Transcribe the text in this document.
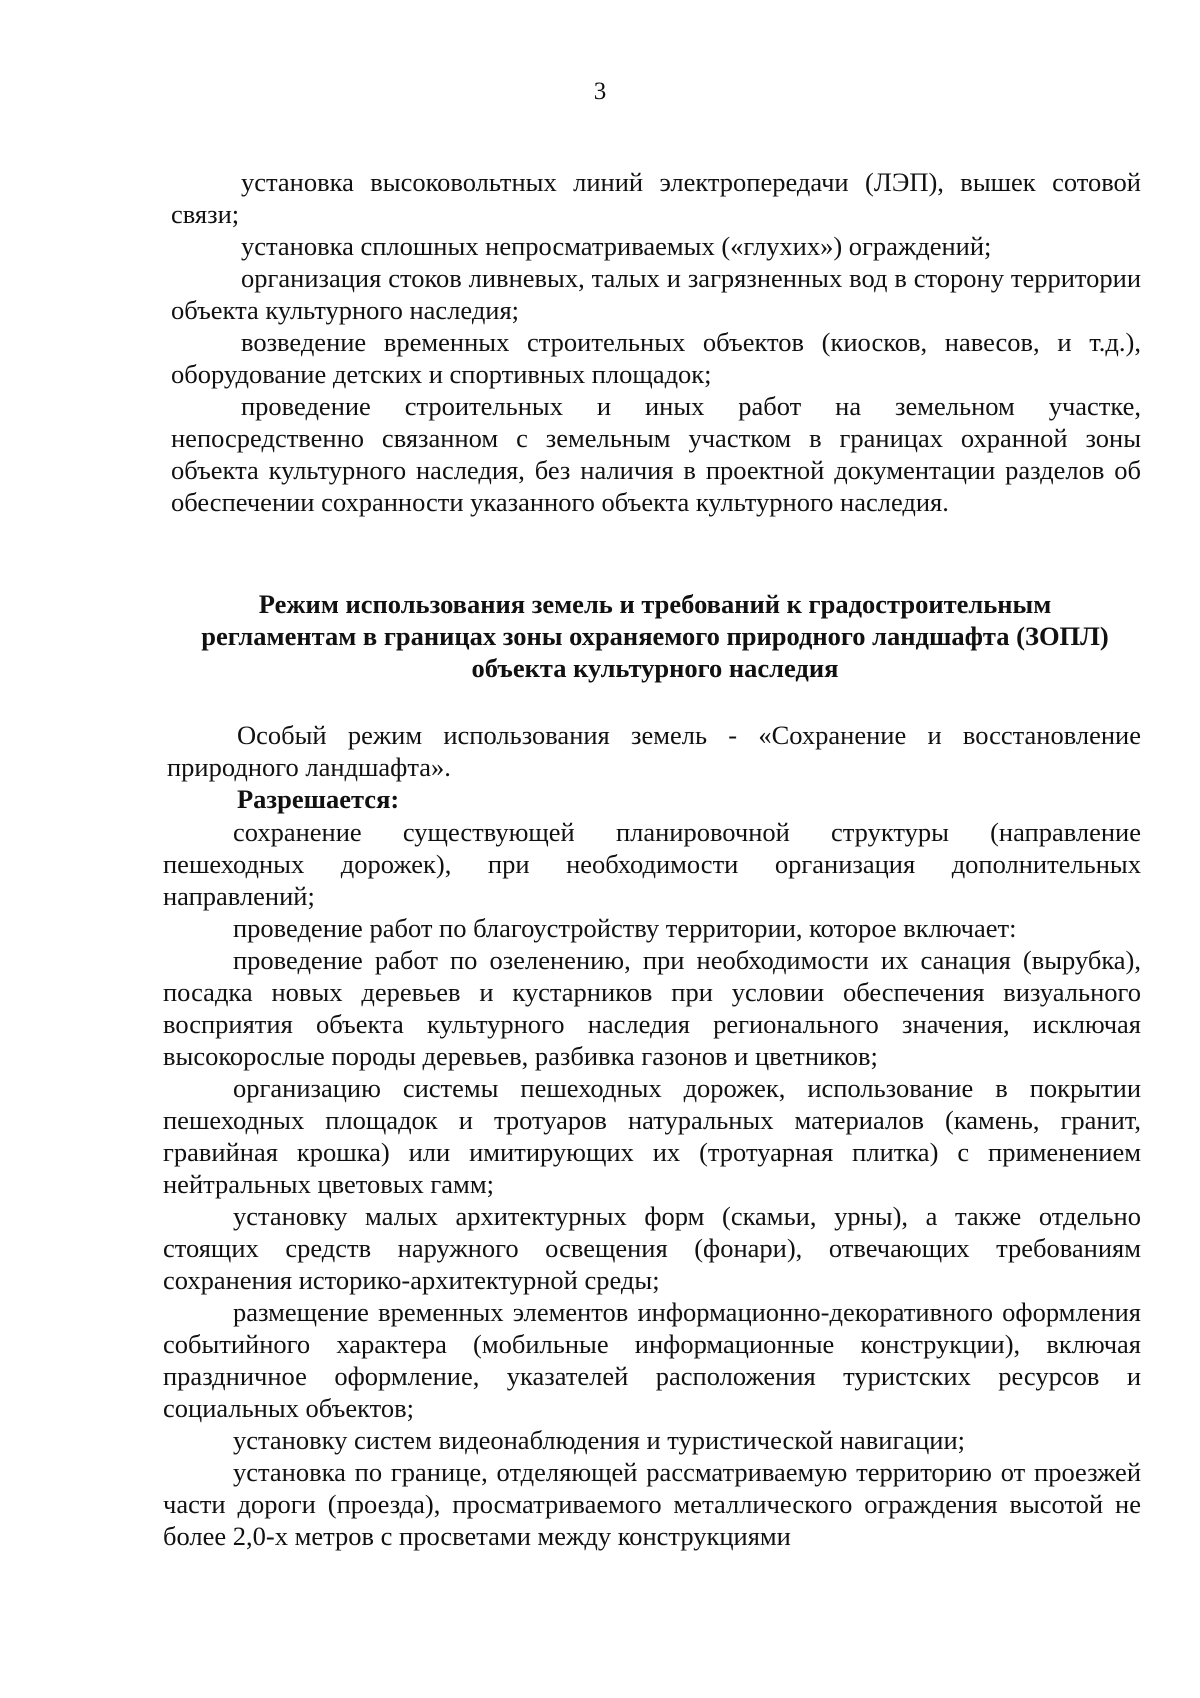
3

установка высоковольтных линий электропередачи (ЛЭП), вышек сотовой связи;

установка сплошных непросматриваемых («глухих») ограждений;

организация стоков ливневых, талых и загрязненных вод в сторону территории объекта культурного наследия;

возведение временных строительных объектов (киосков, навесов, и т.д.), оборудование детских и спортивных площадок;

проведение строительных и иных работ на земельном участке, непосредственно связанном с земельным участком в границах охранной зоны объекта культурного наследия, без наличия в проектной документации разделов об обеспечении сохранности указанного объекта культурного наследия.

Режим использования земель и требований к градостроительным
регламентам в границах зоны охраняемого природного ландшафта (ЗОПЛ)
объекта культурного наследия

Особый режим использования земель - «Сохранение и восстановление природного ландшафта».

Разрешается:

сохранение существующей планировочной структуры (направление пешеходных дорожек), при необходимости организация дополнительных направлений;

проведение работ по благоустройству территории, которое включает:

проведение работ по озеленению, при необходимости их санация (вырубка), посадка новых деревьев и кустарников при условии обеспечения визуального восприятия объекта культурного наследия регионального значения, исключая высокорослые породы деревьев, разбивка газонов и цветников;

организацию системы пешеходных дорожек, использование в покрытии пешеходных площадок и тротуаров натуральных материалов (камень, гранит, гравийная крошка) или имитирующих их (тротуарная плитка) с применением нейтральных цветовых гамм;

установку малых архитектурных форм (скамьи, урны), а также отдельно стоящих средств наружного освещения (фонари), отвечающих требованиям сохранения историко-архитектурной среды;

размещение временных элементов информационно-декоративного оформления событийного характера (мобильные информационные конструкции), включая праздничное оформление, указателей расположения туристских ресурсов и социальных объектов;

установку систем видеонаблюдения и туристической навигации;

установка по границе, отделяющей рассматриваемую территорию от проезжей части дороги (проезда), просматриваемого металлического ограждения высотой не более 2,0-х метров с просветами между конструкциями
